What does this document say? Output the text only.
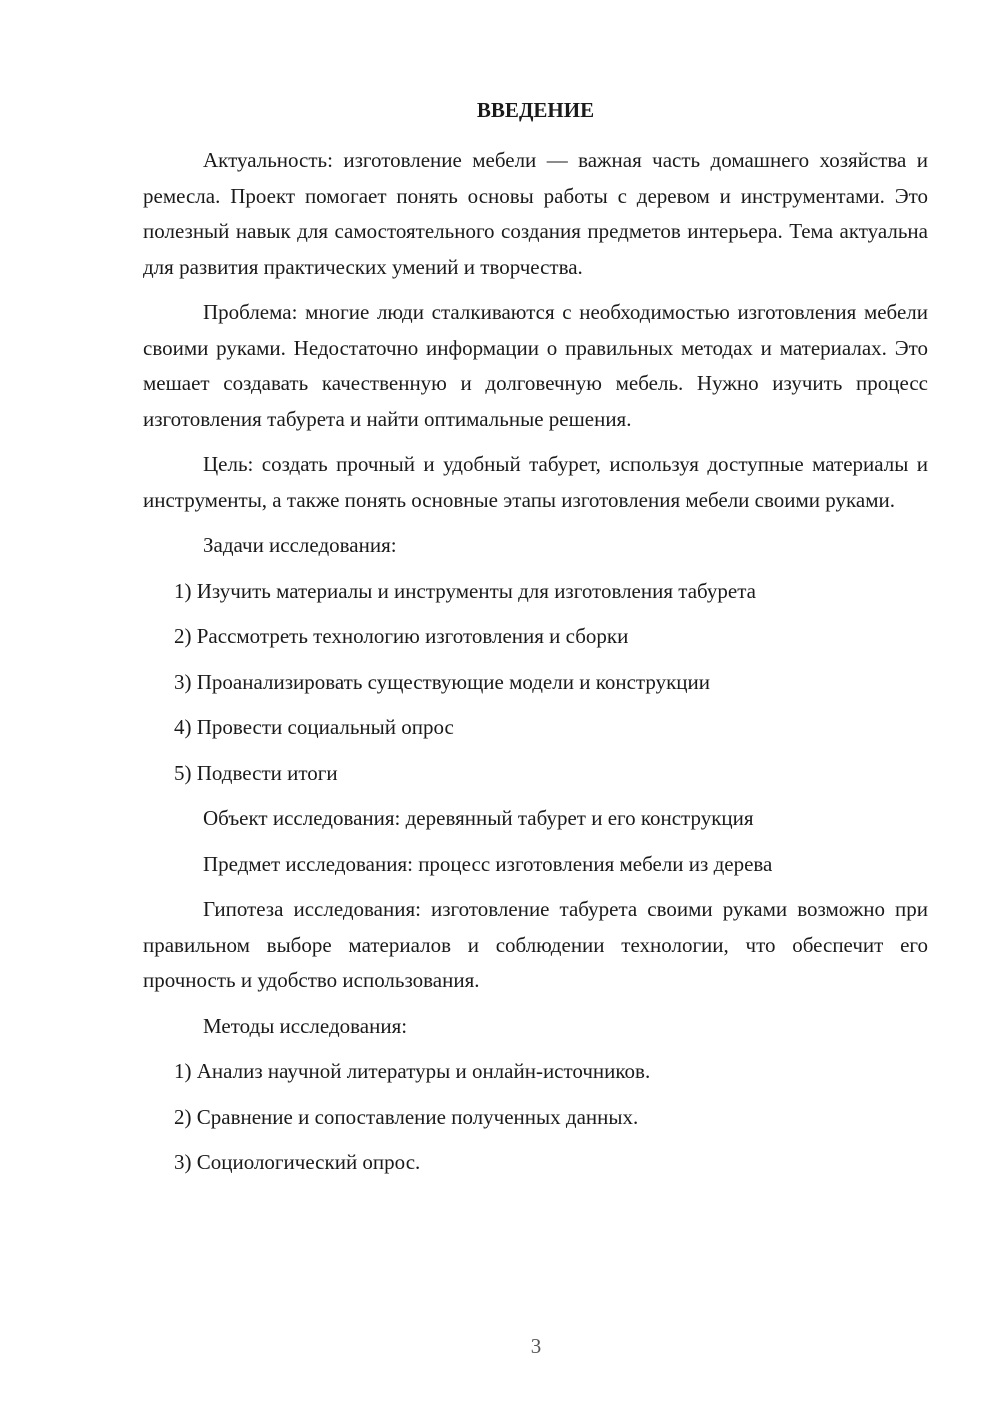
ВВЕДЕНИЕ

Актуальность: изготовление мебели — важная часть домашнего хозяйства и ремесла. Проект помогает понять основы работы с деревом и инструментами. Это полезный навык для самостоятельного создания предметов интерьера. Тема актуальна для развития практических умений и творчества.

Проблема: многие люди сталкиваются с необходимостью изготовления мебели своими руками. Недостаточно информации о правильных методах и материалах. Это мешает создавать качественную и долговечную мебель. Нужно изучить процесс изготовления табурета и найти оптимальные решения.

Цель: создать прочный и удобный табурет, используя доступные материалы и инструменты, а также понять основные этапы изготовления мебели своими руками.

Задачи исследования:
1) Изучить материалы и инструменты для изготовления табурета
2) Рассмотреть технологию изготовления и сборки
3) Проанализировать существующие модели и конструкции
4) Провести социальный опрос
5) Подвести итоги
Объект исследования: деревянный табурет и его конструкция
Предмет исследования: процесс изготовления мебели из дерева

Гипотеза исследования: изготовление табурета своими руками возможно при правильном выборе материалов и соблюдении технологии, что обеспечит его прочность и удобство использования.

Методы исследования:
1) Анализ научной литературы и онлайн-источников.
2) Сравнение и сопоставление полученных данных.
3) Социологический опрос.
3
